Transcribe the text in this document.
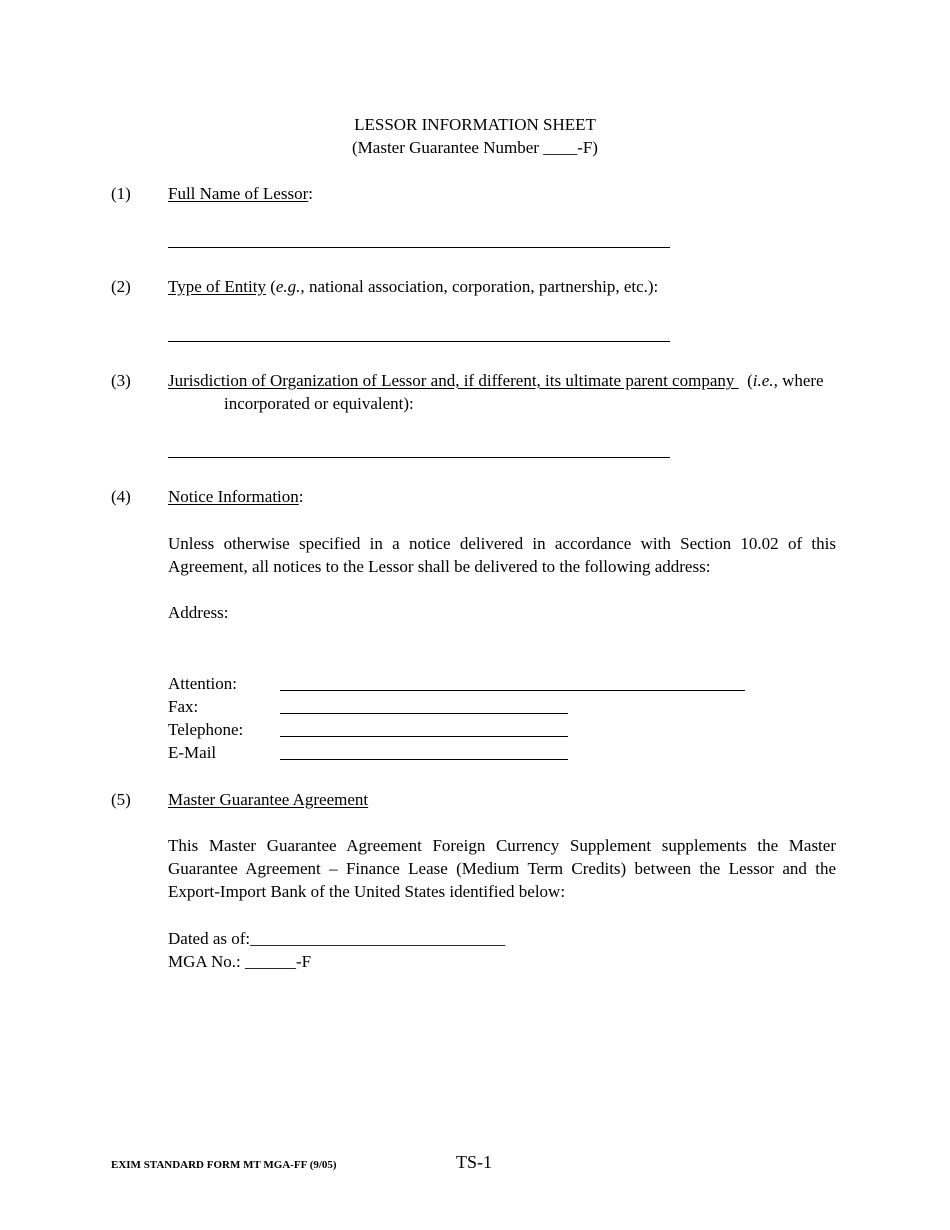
LESSOR INFORMATION SHEET
(Master Guarantee Number ____-F)
(1) Full Name of Lessor:
(2) Type of Entity (e.g., national association, corporation, partnership, etc.):
(3) Jurisdiction of Organization of Lessor and, if different, its ultimate parent company   (i.e., where
incorporated or equivalent):
(4) Notice Information:
Unless otherwise specified in a notice delivered in accordance with Section 10.02 of this Agreement, all notices to the Lessor shall be delivered to the following address:
Address:
Attention:
Fax:
Telephone:
E-Mail
(5) Master Guarantee Agreement
This Master Guarantee Agreement Foreign Currency Supplement supplements the Master Guarantee Agreement – Finance Lease (Medium Term Credits) between the Lessor and the Export-Import Bank of the United States identified below:
Dated as of:______________________________
MGA No.: ______-F
EXIM STANDARD FORM MT MGA-FF (9/05)	TS-1
